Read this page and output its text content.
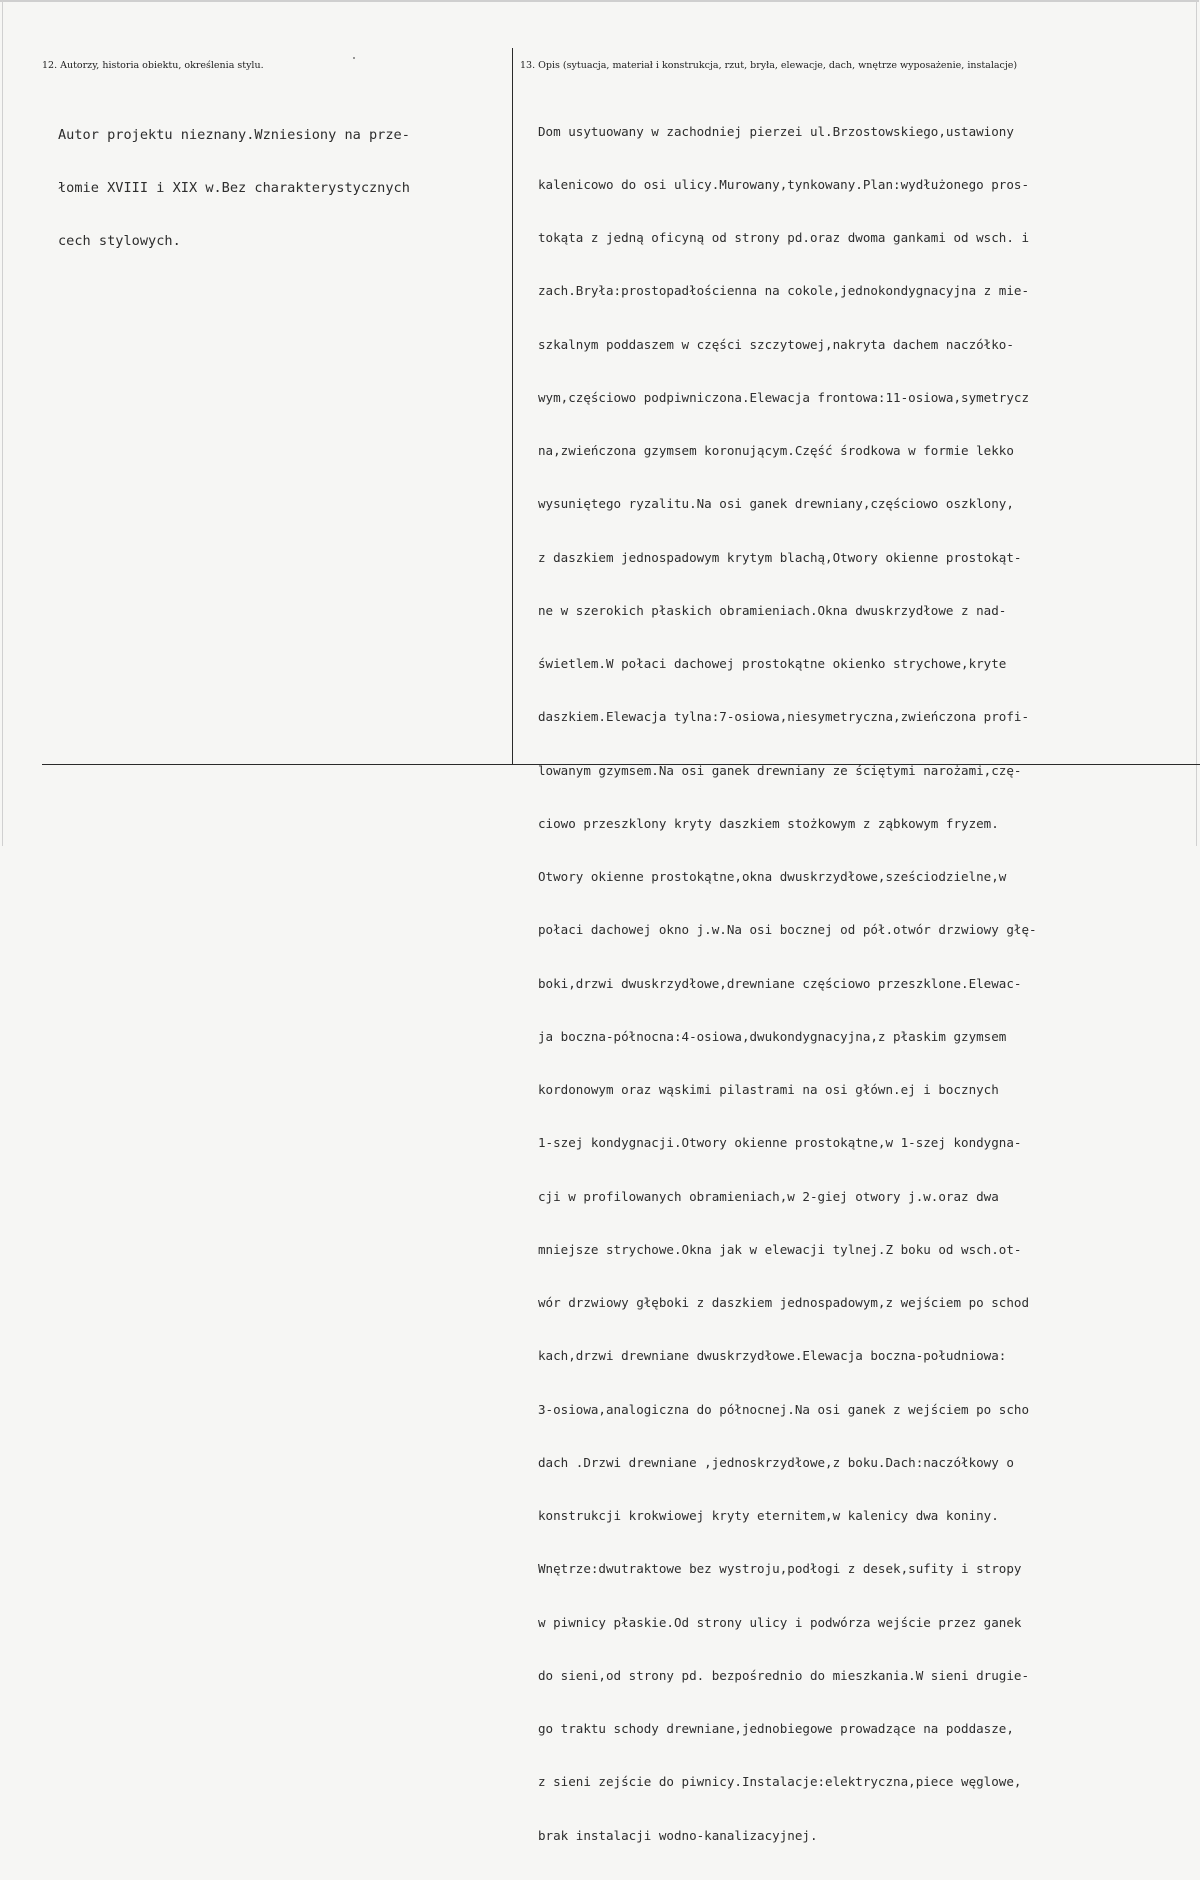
12. Autorzy, historia obiektu, określenia stylu.	13. Opis (sytuacja, materiał i konstrukcja, rzut, bryła, elewacje, dach, wnętrze wyposażenie, instalacje)

Autor projektu nieznany.Wzniesiony na prze-

łomie XVIII i XIX w.Bez charakterystycznych

cech stylowych.

Dom usytuowany w zachodniej pierzei ul.Brzostowskiego,ustawiony

kalenicowo do osi ulicy.Murowany,tynkowany.Plan:wydłużonego pros-

tokąta z jedną oficyną od strony pd.oraz dwoma gankami od wsch. i

zach.Bryła:prostopadłościenna na cokole,jednokondygnacyjna z mie-

szkalnym poddaszem w części szczytowej,nakryta dachem naczółko-

wym,częściowo podpiwniczona.Elewacja frontowa:11-osiowa,symetrycz

na,zwieńczona gzymsem koronującym.Część środkowa w formie lekko

wysuniętego ryzalitu.Na osi ganek drewniany,częściowo oszklony,

z daszkiem jednospadowym krytym blachą,Otwory okienne prostokąt-

ne w szerokich płaskich obramieniach.Okna dwuskrzydłowe z nad-

świetlem.W połaci dachowej prostokątne okienko strychowe,kryte

daszkiem.Elewacja tylna:7-osiowa,niesymetryczna,zwieńczona profi-

lowanym gzymsem.Na osi ganek drewniany ze ściętymi narożami,czę-

ciowo przeszklony kryty daszkiem stożkowym z ząbkowym fryzem.

Otwory okienne prostokątne,okna dwuskrzydłowe,sześciodzielne,w

połaci dachowej okno j.w.Na osi bocznej od pół.otwór drzwiowy głę-

boki,drzwi dwuskrzydłowe,drewniane częściowo przeszklone.Elewac-

ja boczna-północna:4-osiowa,dwukondygnacyjna,z płaskim gzymsem

kordonowym oraz wąskimi pilastrami na osi główn.ej i bocznych

1-szej kondygnacji.Otwory okienne prostokątne,w 1-szej kondygna-

cji w profilowanych obramieniach,w 2-giej otwory j.w.oraz dwa

mniejsze strychowe.Okna jak w elewacji tylnej.Z boku od wsch.ot-

wór drzwiowy głęboki z daszkiem jednospadowym,z wejściem po schod

kach,drzwi drewniane dwuskrzydłowe.Elewacja boczna-południowa:

3-osiowa,analogiczna do północnej.Na osi ganek z wejściem po scho

dach .Drzwi drewniane ,jednoskrzydłowe,z boku.Dach:naczółkowy o

konstrukcji krokwiowej kryty eternitem,w kalenicy dwa koniny.

Wnętrze:dwutraktowe bez wystroju,podłogi z desek,sufity i stropy

w piwnicy płaskie.Od strony ulicy i podwórza wejście przez ganek

do sieni,od strony pd. bezpośrednio do mieszkania.W sieni drugie-

go traktu schody drewniane,jednobiegowe prowadzące na poddasze,

z sieni zejście do piwnicy.Instalacje:elektryczna,piece węglowe,

brak instalacji wodno-kanalizacyjnej.
